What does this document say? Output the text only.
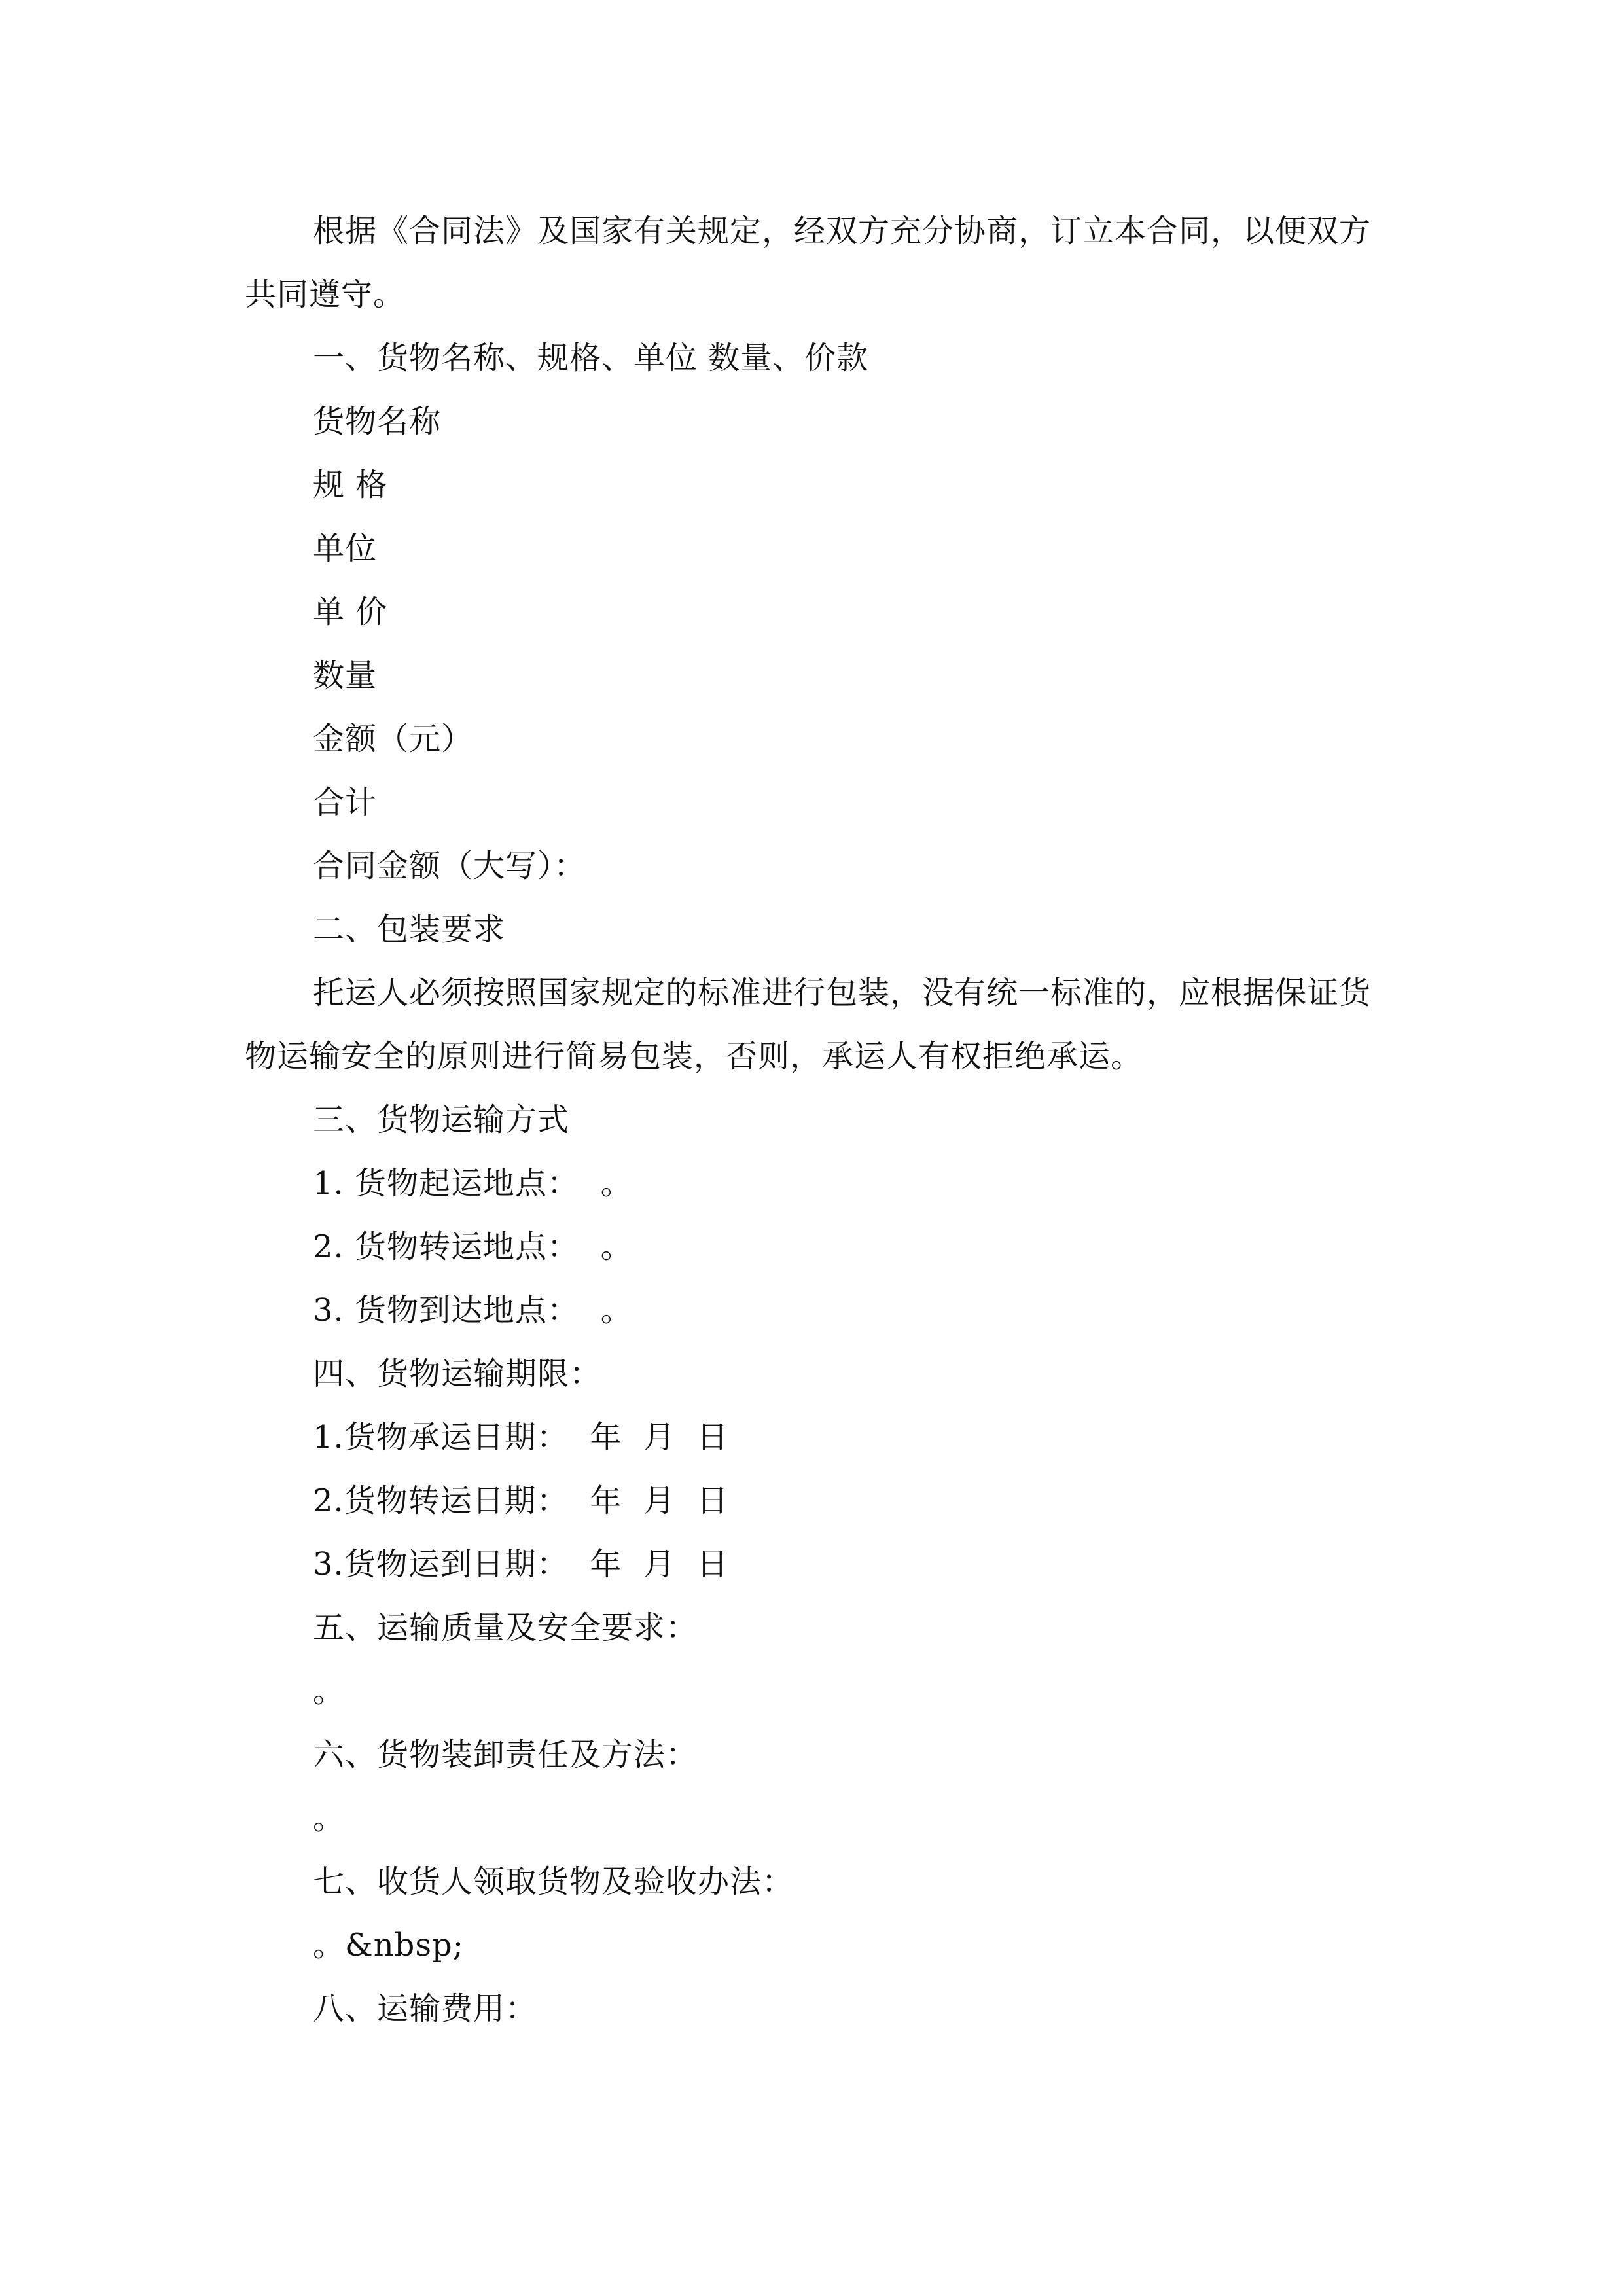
根据《合同法》及国家有关规定，经双方充分协商，订立本合同，以便双方共同遵守。

一、货物名称、规格、单位 数量、价款

货物名称

规 格

单位

单 价

数量

金额（元）

合计

合同金额（大写）：

二、包装要求

托运人必须按照国家规定的标准进行包装，没有统一标准的，应根据保证货物运输安全的原则进行简易包装，否则，承运人有权拒绝承运。

三、货物运输方式

1. 货物起运地点：  。

2. 货物转运地点：  。

3. 货物到达地点：  。

四、货物运输期限：

1.货物承运日期：  年  月  日

2.货物转运日期：  年  月  日

3.货物运到日期：  年  月  日

五、运输质量及安全要求：

。

六、货物装卸责任及方法：

。

七、收货人领取货物及验收办法：

。&nbsp;

八、运输费用：
